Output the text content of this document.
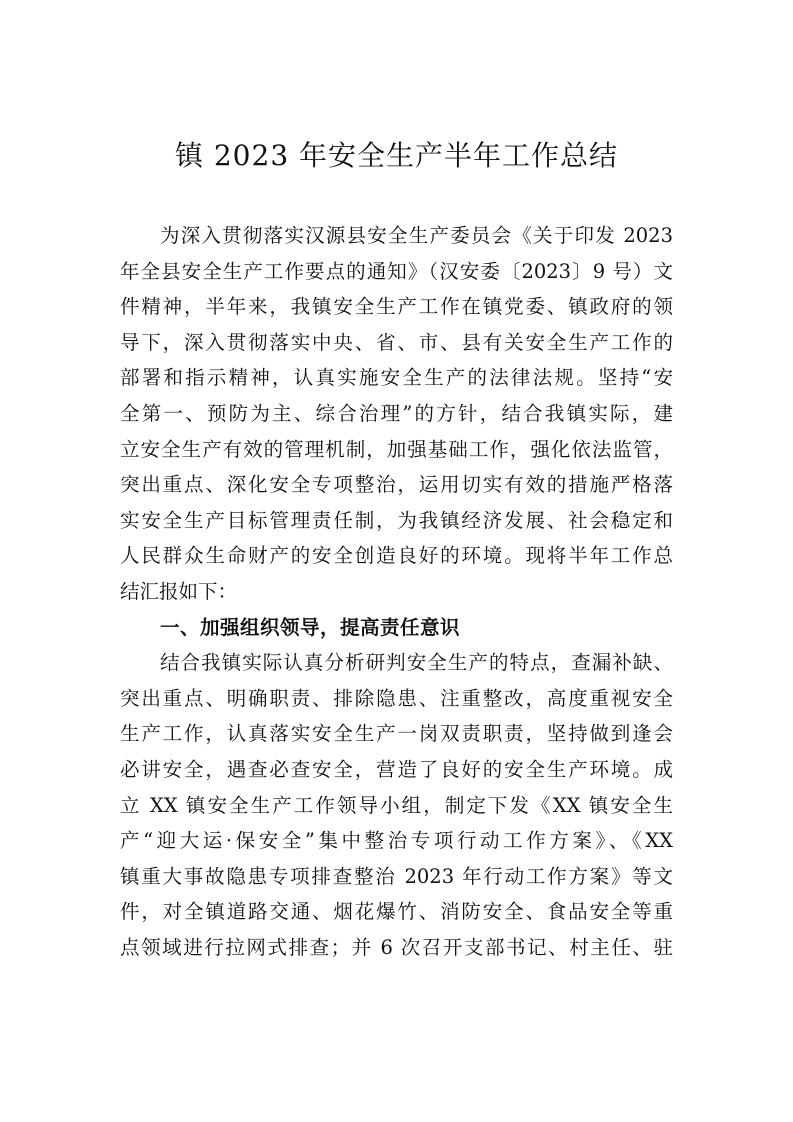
镇 2023 年安全生产半年工作总结
为深入贯彻落实汉源县安全生产委员会《关于印发 2023
年全县安全生产工作要点的通知》（汉安委〔2023〕9 号）文
件精神，半年来，我镇安全生产工作在镇党委、镇政府的领
导下，深入贯彻落实中央、省、市、县有关安全生产工作的
部署和指示精神，认真实施安全生产的法律法规。坚持“安
全第一、预防为主、综合治理”的方针，结合我镇实际，建
立安全生产有效的管理机制，加强基础工作，强化依法监管，
突出重点、深化安全专项整治，运用切实有效的措施严格落
实安全生产目标管理责任制，为我镇经济发展、社会稳定和
人民群众生命财产的安全创造良好的环境。现将半年工作总
结汇报如下：
一、加强组织领导，提高责任意识
结合我镇实际认真分析研判安全生产的特点，查漏补缺、
突出重点、明确职责、排除隐患、注重整改，高度重视安全
生产工作，认真落实安全生产一岗双责职责，坚持做到逢会
必讲安全，遇查必查安全，营造了良好的安全生产环境。成
立 XX 镇安全生产工作领导小组，制定下发《XX 镇安全生
产“迎大运·保安全”集中整治专项行动工作方案》、《XX
镇重大事故隐患专项排查整治 2023 年行动工作方案》等文
件，对全镇道路交通、烟花爆竹、消防安全、食品安全等重
点领域进行拉网式排查；并 6 次召开支部书记、村主任、驻
